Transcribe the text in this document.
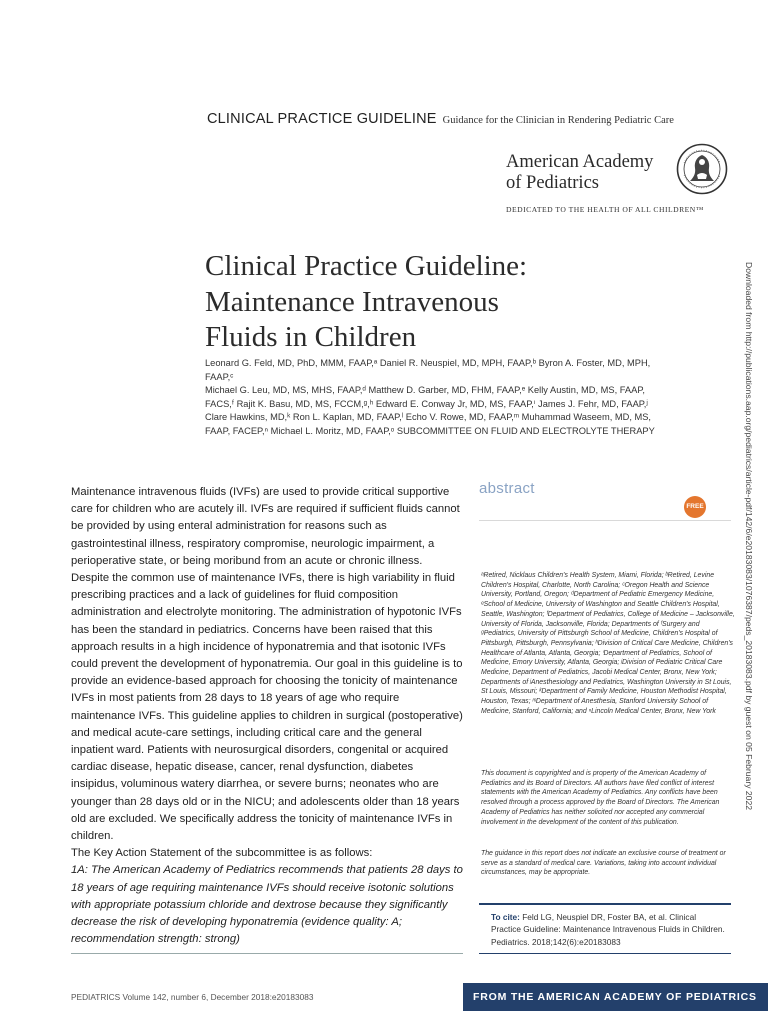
CLINICAL PRACTICE GUIDELINE Guidance for the Clinician in Rendering Pediatric Care
American Academy
of Pediatrics
DEDICATED TO THE HEALTH OF ALL CHILDREN™
Clinical Practice Guideline:
Maintenance Intravenous
Fluids in Children
Leonard G. Feld, MD, PhD, MMM, FAAP,ᵃ Daniel R. Neuspiel, MD, MPH, FAAP,ᵇ Byron A. Foster, MD, MPH, FAAP,ᶜ
Michael G. Leu, MD, MS, MHS, FAAP,ᵈ Matthew D. Garber, MD, FHM, FAAP,ᵉ Kelly Austin, MD, MS, FAAP,
FACS,ᶠ Rajit K. Basu, MD, MS, FCCM,ᵍ,ʰ Edward E. Conway Jr, MD, MS, FAAP,ⁱ James J. Fehr, MD, FAAP,ʲ
Clare Hawkins, MD,ᵏ Ron L. Kaplan, MD, FAAP,ˡ Echo V. Rowe, MD, FAAP,ᵐ Muhammad Waseem, MD, MS,
FAAP, FACEP,ⁿ Michael L. Moritz, MD, FAAP,ᵒ SUBCOMMITTEE ON FLUID AND ELECTROLYTE THERAPY	Downloaded from http://publications.aap.org/pediatrics/article-pdf/142/6/e20183083/1076387/peds_20183083.pdf by guest on 05 February 2022
abstract
FREE

Maintenance intravenous fluids (IVFs) are used to provide critical supportive care for children who are acutely ill. IVFs are required if sufficient fluids cannot be provided by using enteral administration for reasons such as gastrointestinal illness, respiratory compromise, neurologic impairment, a perioperative state, or being moribund from an acute or chronic illness. Despite the common use of maintenance IVFs, there is high variability in fluid prescribing practices and a lack of guidelines for fluid composition administration and electrolyte monitoring. The administration of hypotonic IVFs has been the standard in pediatrics. Concerns have been raised that this approach results in a high incidence of hyponatremia and that isotonic IVFs could prevent the development of hyponatremia. Our goal in this guideline is to provide an evidence-based approach for choosing the tonicity of maintenance IVFs in most patients from 28 days to 18 years of age who require maintenance IVFs. This guideline applies to children in surgical (postoperative) and medical acute-care settings, including critical care and the general inpatient ward. Patients with neurosurgical disorders, congenital or acquired cardiac disease, hepatic disease, cancer, renal dysfunction, diabetes insipidus, voluminous watery diarrhea, or severe burns; neonates who are younger than 28 days old or in the NICU; and adolescents older than 18 years old are excluded. We specifically address the tonicity of maintenance IVFs in children.

The Key Action Statement of the subcommittee is as follows:

1A: The American Academy of Pediatrics recommends that patients 28 days to 18 years of age requiring maintenance IVFs should receive isotonic solutions with appropriate potassium chloride and dextrose because they significantly decrease the risk of developing hyponatremia (evidence quality: A; recommendation strength: strong)

ᵃRetired, Nicklaus Children's Health System, Miami, Florida; ᵇRetired, Levine Children's Hospital, Charlotte, North Carolina; ᶜOregon Health and Science University, Portland, Oregon; ᵈDepartment of Pediatric Emergency Medicine, ᵉSchool of Medicine, University of Washington and Seattle Children's Hospital, Seattle, Washington; ᶠDepartment of Pediatrics, College of Medicine – Jacksonville, University of Florida, Jacksonville, Florida; Departments of ᶠSurgery and ᵍPediatrics, University of Pittsburgh School of Medicine, Children's Hospital of Pittsburgh, Pittsburgh, Pennsylvania; ʰDivision of Critical Care Medicine, Children's Healthcare of Atlanta, Atlanta, Georgia; ⁱDepartment of Pediatrics, School of Medicine, Emory University, Atlanta, Georgia; ʲDivision of Pediatric Critical Care Medicine, Department of Pediatrics, Jacobi Medical Center, Bronx, New York; Departments of ʲAnesthesiology and Pediatrics, Washington University in St Louis, St Louis, Missouri; ᵏDepartment of Family Medicine, Houston Methodist Hospital, Houston, Texas; ᵐDepartment of Anesthesia, Stanford University School of Medicine, Stanford, California; and ⁿLincoln Medical Center, Bronx, New York
This document is copyrighted and is property of the American Academy of Pediatrics and its Board of Directors. All authors have filed conflict of interest statements with the American Academy of Pediatrics. Any conflicts have been resolved through a process approved by the Board of Directors. The American Academy of Pediatrics has neither solicited nor accepted any commercial involvement in the development of the content of this publication.
The guidance in this report does not indicate an exclusive course of treatment or serve as a standard of medical care. Variations, taking into account individual circumstances, may be appropriate.
To cite: Feld LG, Neuspiel DR, Foster BA, et al. Clinical Practice Guideline: Maintenance Intravenous Fluids in Children. Pediatrics. 2018;142(6):e20183083
PEDIATRICS Volume 142, number 6, December 2018:e20183083	FROM THE AMERICAN ACADEMY OF PEDIATRICS
